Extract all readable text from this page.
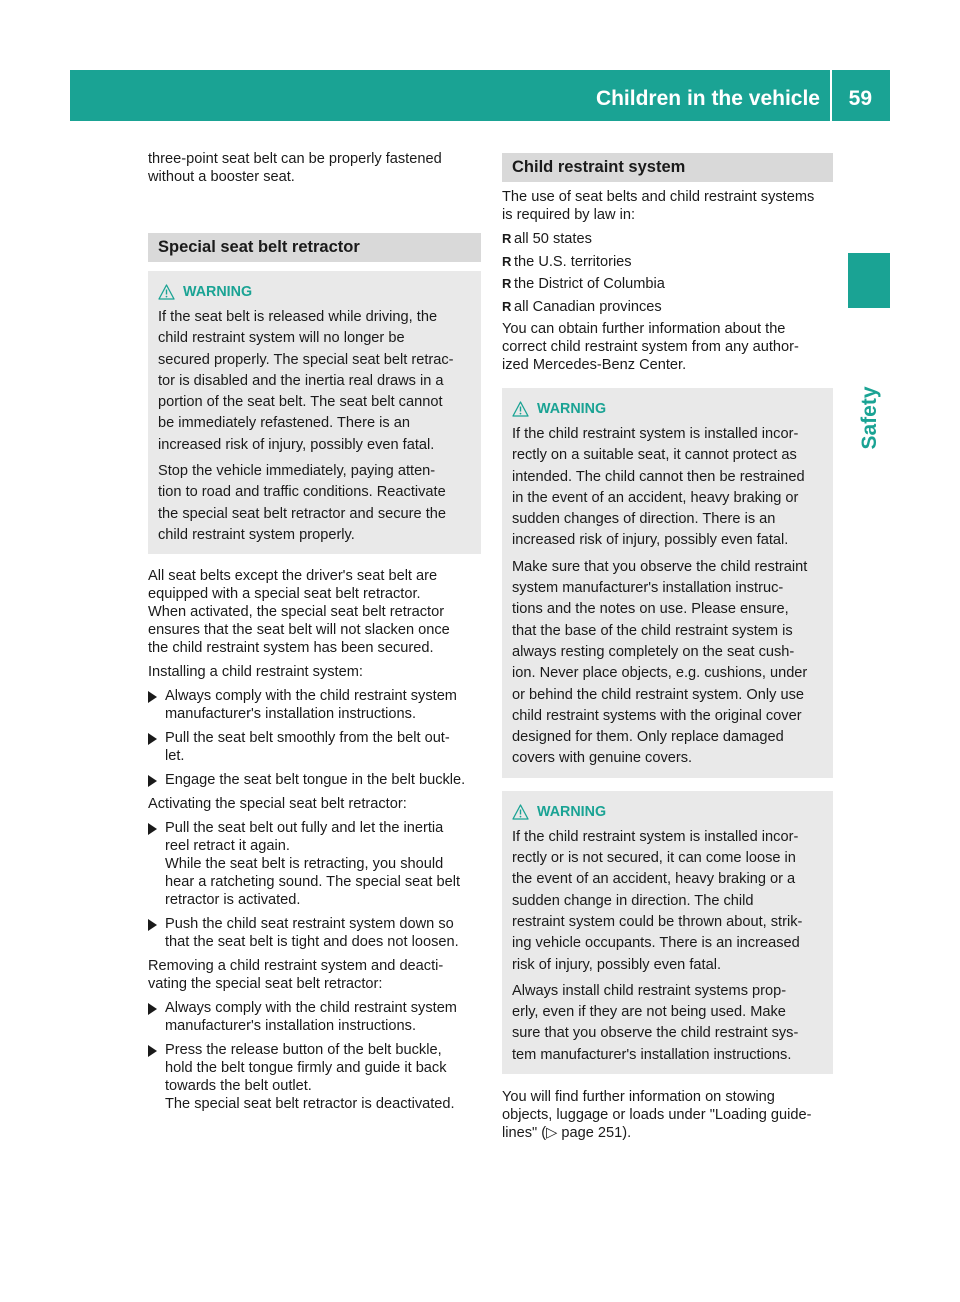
Children in the vehicle 59
Safety

three-point seat belt can be properly fastened
without a booster seat.

Special seat belt retractor
WARNING

If the seat belt is released while driving, the
child restraint system will no longer be
secured properly. The special seat belt retrac-
tor is disabled and the inertia real draws in a
portion of the seat belt. The seat belt cannot
be immediately refastened. There is an
increased risk of injury, possibly even fatal.

Stop the vehicle immediately, paying atten-
tion to road and traffic conditions. Reactivate
the special seat belt retractor and secure the
child restraint system properly.

All seat belts except the driver's seat belt are
equipped with a special seat belt retractor.
When activated, the special seat belt retractor
ensures that the seat belt will not slacken once
the child restraint system has been secured.

Installing a child restraint system:

Always comply with the child restraint system
manufacturer's installation instructions.
Pull the seat belt smoothly from the belt out-
let.
Engage the seat belt tongue in the belt buckle.

Activating the special seat belt retractor:

Pull the seat belt out fully and let the inertia
reel retract it again.
While the seat belt is retracting, you should
hear a ratcheting sound. The special seat belt
retractor is activated.
Push the child seat restraint system down so
that the seat belt is tight and does not loosen.

Removing a child restraint system and deacti-
vating the special seat belt retractor:

Always comply with the child restraint system
manufacturer's installation instructions.
Press the release button of the belt buckle,
hold the belt tongue firmly and guide it back
towards the belt outlet.
The special seat belt retractor is deactivated.
Child restraint system

The use of seat belts and child restraint systems
is required by law in:

R all 50 states
R the U.S. territories
R the District of Columbia
R all Canadian provinces

You can obtain further information about the
correct child restraint system from any author-
ized Mercedes-Benz Center.

WARNING

If the child restraint system is installed incor-
rectly on a suitable seat, it cannot protect as
intended. The child cannot then be restrained
in the event of an accident, heavy braking or
sudden changes of direction. There is an
increased risk of injury, possibly even fatal.

Make sure that you observe the child restraint
system manufacturer's installation instruc-
tions and the notes on use. Please ensure,
that the base of the child restraint system is
always resting completely on the seat cush-
ion. Never place objects, e.g. cushions, under
or behind the child restraint system. Only use
child restraint systems with the original cover
designed for them. Only replace damaged
covers with genuine covers.

WARNING

If the child restraint system is installed incor-
rectly or is not secured, it can come loose in
the event of an accident, heavy braking or a
sudden change in direction. The child
restraint system could be thrown about, strik-
ing vehicle occupants. There is an increased
risk of injury, possibly even fatal.

Always install child restraint systems prop-
erly, even if they are not being used. Make
sure that you observe the child restraint sys-
tem manufacturer's installation instructions.

You will find further information on stowing
objects, luggage or loads under "Loading guide-
lines" (▷ page 251).
